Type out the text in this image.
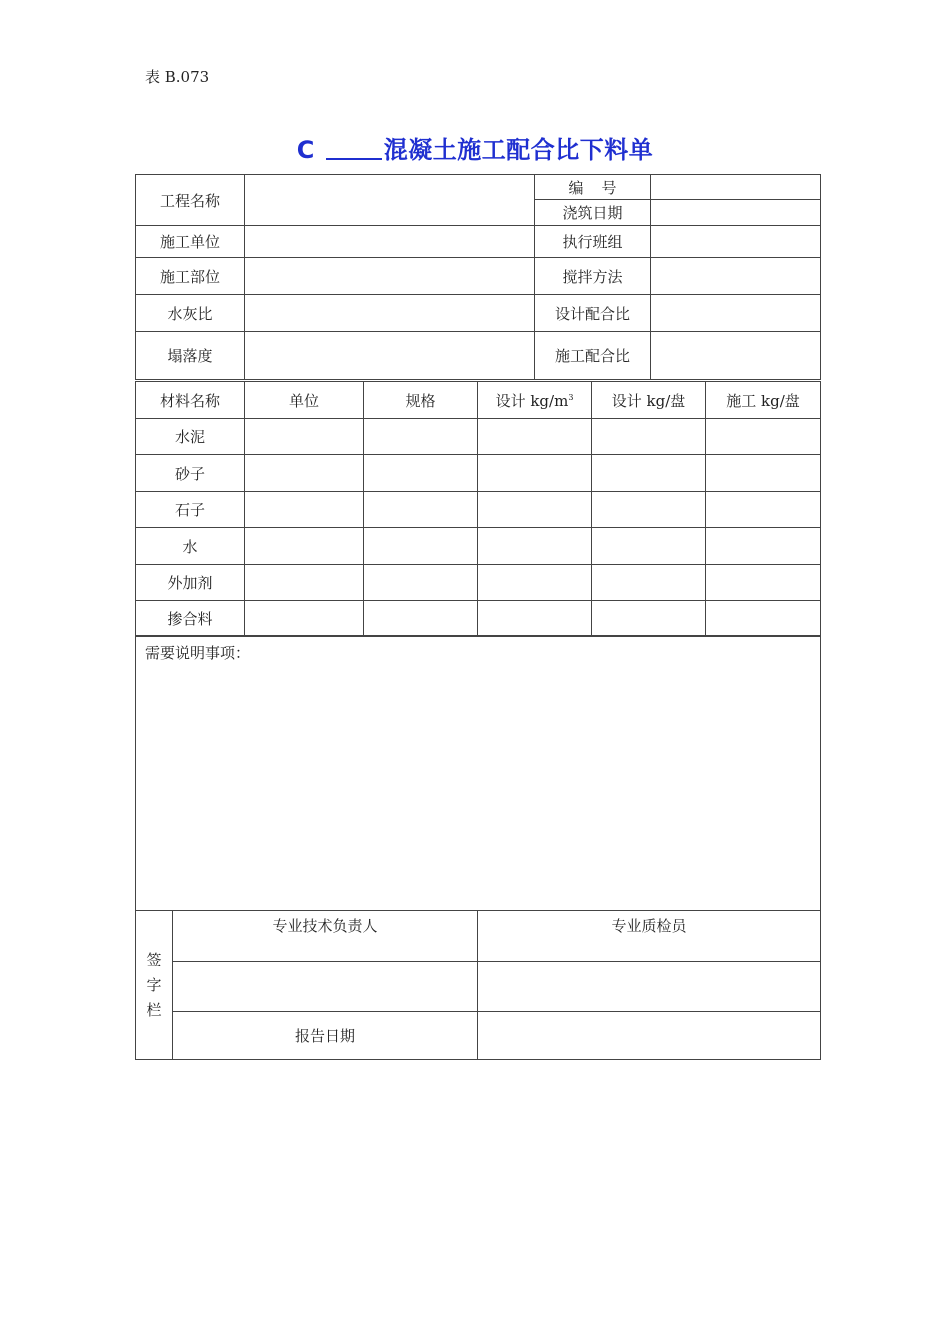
表 B.073
C	混凝土施工配合比下料单
工程名称		编号	
		浇筑日期	
施工单位		执行班组	
施工部位		搅拌方法	
水灰比		设计配合比	
塌落度		施工配合比	
材料名称	单位	规格	设计 $kg/m^3$	设计 kg/盘	施工 kg/盘
水泥					
砂子					
石子					
水					
外加剂					
掺合料					
需要说明事项：		

签字栏	专业技术负责人	专业质检员

	报告日期	
